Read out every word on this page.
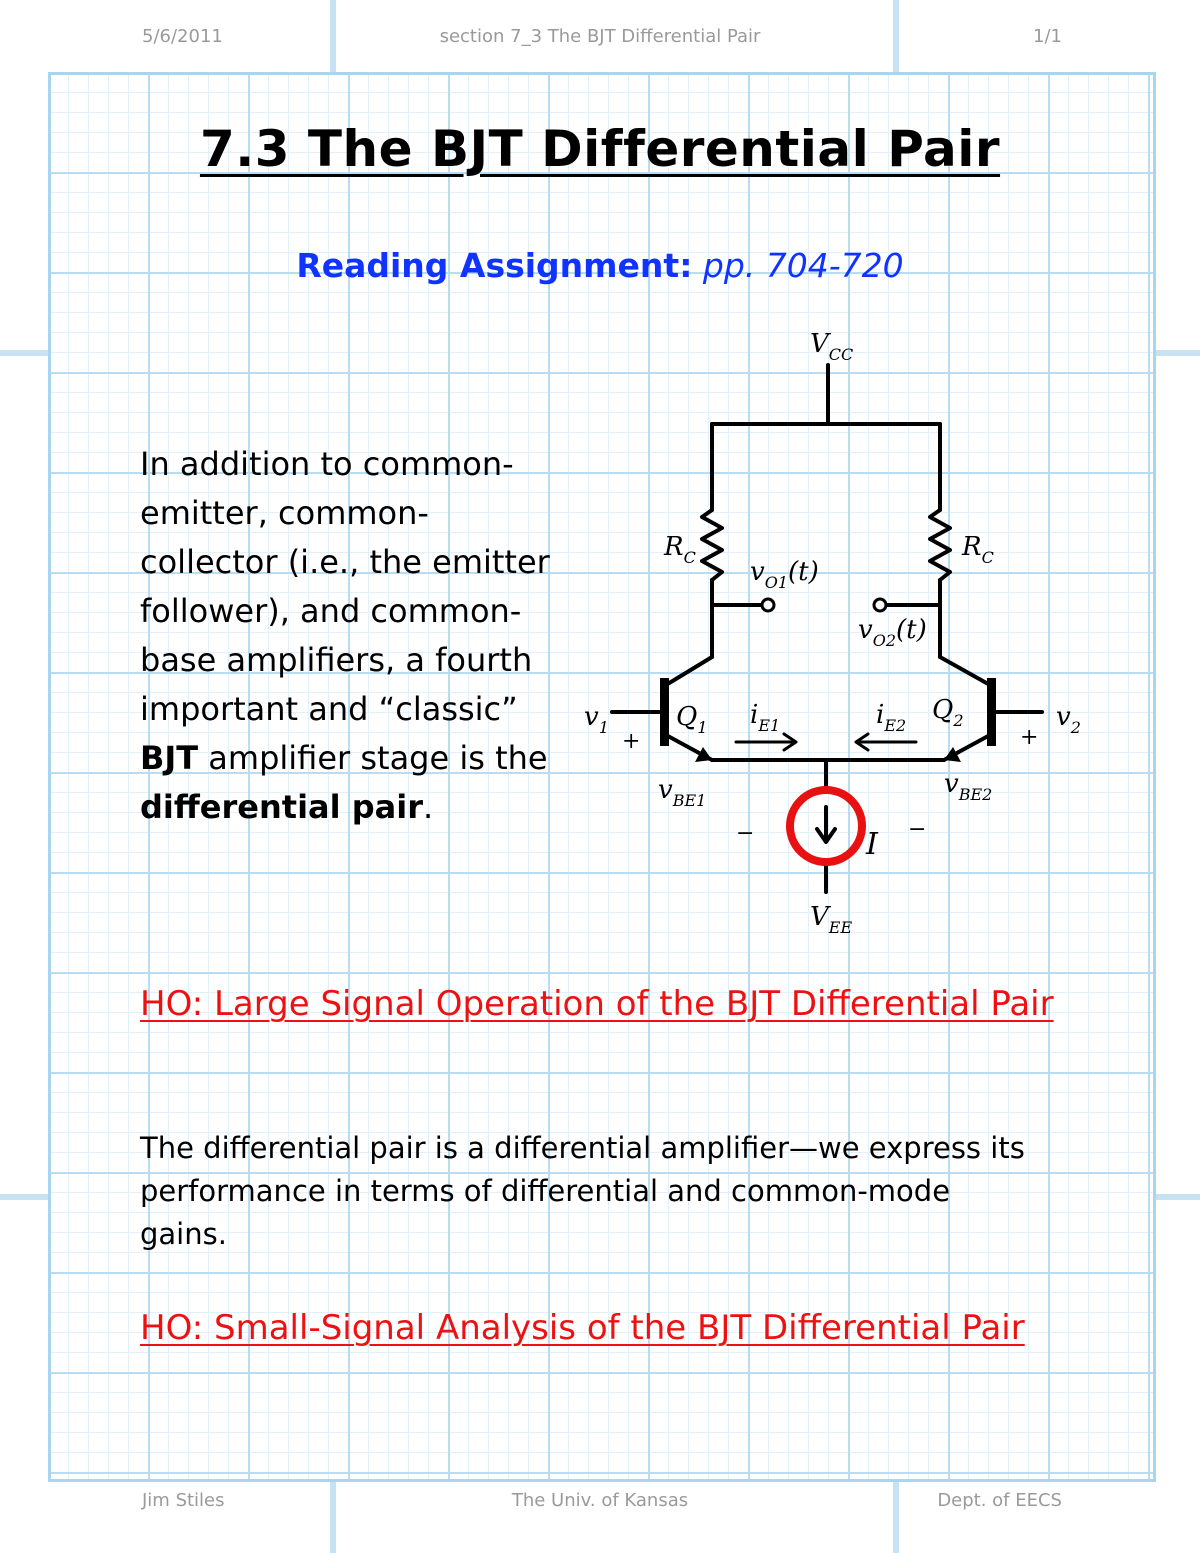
5/6/2011	section 7_3 The BJT Differential Pair	1/1
7.3 The BJT Differential Pair
Reading Assignment: pp. 704-720
In addition to common-emitter, common-collector (i.e., the emitter follower), and common-base amplifiers, a fourth important and “classic” BJT amplifier stage is the differential pair.
$V_{CC}$
$V_{EE}$
$R_C$	$R_C$
$v_{O1}(t)$
$v_{O2}(t)$
$v_1$	$v_2$
$Q_1$
$Q_2$
$i_{E1}$	$i_{E2}$
$v_{BE1}$
$v_{BE2}$
I
+	+
−	−
HO: Large Signal Operation of the BJT Differential Pair
The differential pair is a differential amplifier—we express its performance in terms of differential and common-mode gains.
HO: Small-Signal Analysis of the BJT Differential Pair
Jim Stiles	The Univ. of Kansas	Dept. of EECS
